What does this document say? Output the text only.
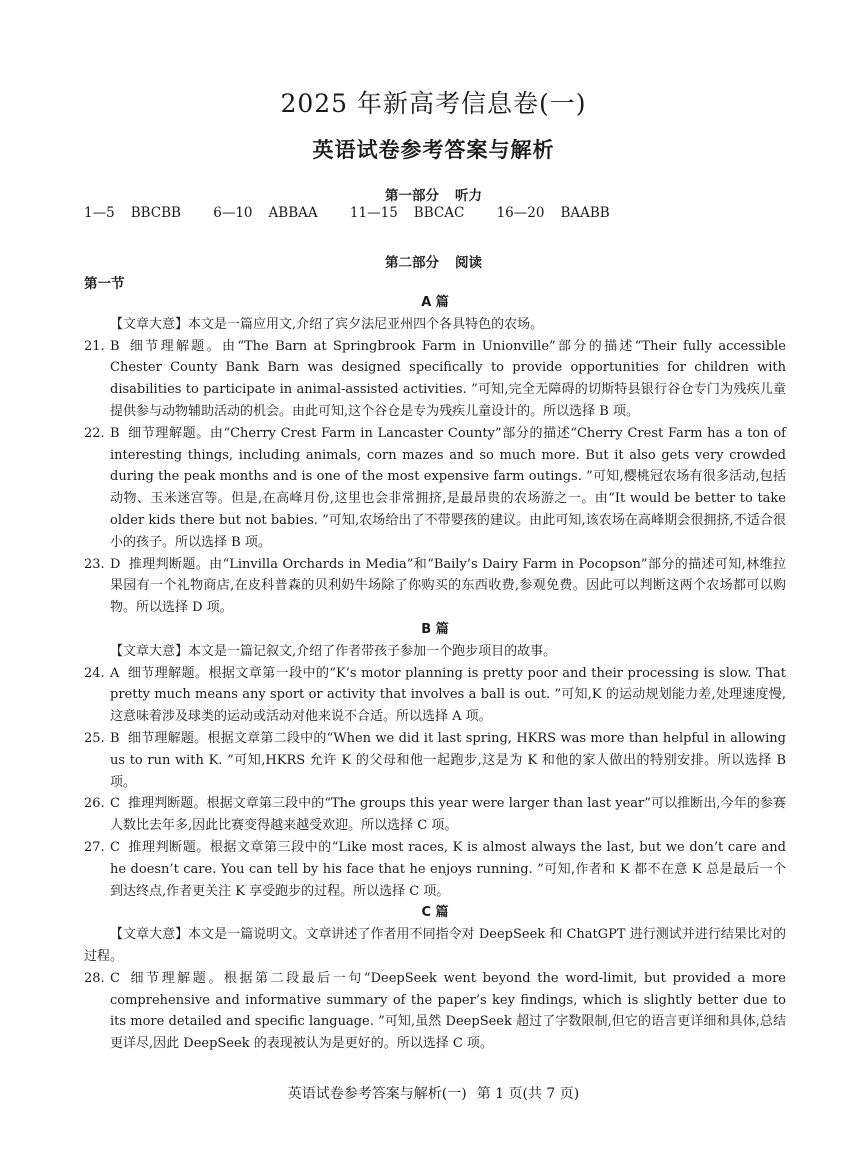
2025 年新高考信息卷(一)
英语试卷参考答案与解析
第一部分 听力
1—5 BBCBB 6—10 ABBAA 11—15 BBCAC 16—20 BAABB
第二部分 阅读
第一节
A 篇
【文章大意】本文是一篇应用文,介绍了宾夕法尼亚州四个各具特色的农场。
21. B 细节理解题。由“The Barn at Springbrook Farm in Unionville”部分的描述“Their fully accessible Chester County Bank Barn was designed specifically to provide opportunities for children with disabilities to participate in animal-assisted activities. ”可知,完全无障碍的切斯特县银行谷仓专门为残疾儿童提供参与动物辅助活动的机会。由此可知,这个谷仓是专为残疾儿童设计的。所以选择 B 项。
22. B 细节理解题。由“Cherry Crest Farm in Lancaster County”部分的描述“Cherry Crest Farm has a ton of interesting things, including animals, corn mazes and so much more. But it also gets very crowded during the peak months and is one of the most expensive farm outings. ”可知,樱桃冠农场有很多活动,包括动物、玉米迷宫等。但是,在高峰月份,这里也会非常拥挤,是最昂贵的农场游之一。由“It would be better to take older kids there but not babies. ”可知,农场给出了不带婴孩的建议。由此可知,该农场在高峰期会很拥挤,不适合很小的孩子。所以选择 B 项。
23. D 推理判断题。由“Linvilla Orchards in Media”和“Baily’s Dairy Farm in Pocopson”部分的描述可知,林维拉果园有一个礼物商店,在皮科普森的贝利奶牛场除了你购买的东西收费,参观免费。因此可以判断这两个农场都可以购物。所以选择 D 项。
B 篇
【文章大意】本文是一篇记叙文,介绍了作者带孩子参加一个跑步项目的故事。
24. A 细节理解题。根据文章第一段中的“K’s motor planning is pretty poor and their processing is slow. That pretty much means any sport or activity that involves a ball is out. ”可知,K 的运动规划能力差,处理速度慢,这意味着涉及球类的运动或活动对他来说不合适。所以选择 A 项。
25. B 细节理解题。根据文章第二段中的“When we did it last spring, HKRS was more than helpful in allowing us to run with K. ”可知,HKRS 允许 K 的父母和他一起跑步,这是为 K 和他的家人做出的特别安排。所以选择 B 项。
26. C 推理判断题。根据文章第三段中的“The groups this year were larger than last year”可以推断出,今年的参赛人数比去年多,因此比赛变得越来越受欢迎。所以选择 C 项。
27. C 推理判断题。根据文章第三段中的“Like most races, K is almost always the last, but we don’t care and he doesn’t care. You can tell by his face that he enjoys running. ”可知,作者和 K 都不在意 K 总是最后一个到达终点,作者更关注 K 享受跑步的过程。所以选择 C 项。
C 篇
【文章大意】本文是一篇说明文。文章讲述了作者用不同指令对 DeepSeek 和 ChatGPT 进行测试并进行结果比对的过程。
28. C 细节理解题。根据第二段最后一句“DeepSeek went beyond the word-limit, but provided a more comprehensive and informative summary of the paper’s key findings, which is slightly better due to its more detailed and specific language. ”可知,虽然 DeepSeek 超过了字数限制,但它的语言更详细和具体,总结更详尽,因此 DeepSeek 的表现被认为是更好的。所以选择 C 项。
英语试卷参考答案与解析(一) 第 1 页(共 7 页)
